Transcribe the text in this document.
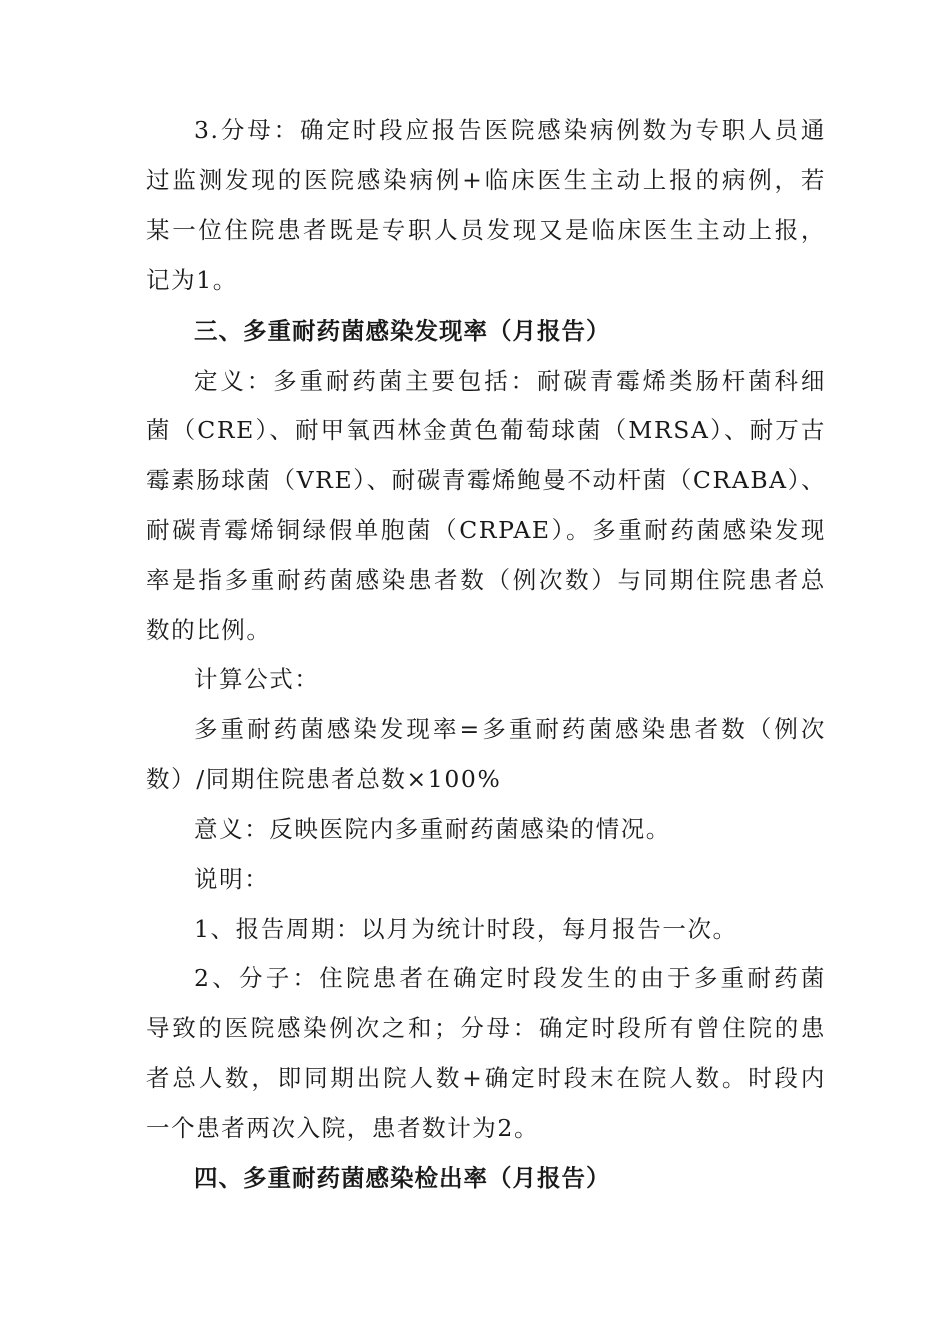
3.分母：确定时段应报告医院感染病例数为专职人员通
过监测发现的医院感染病例+临床医生主动上报的病例，若
某一位住院患者既是专职人员发现又是临床医生主动上报，
记为1。
三、多重耐药菌感染发现率（月报告）
定义：多重耐药菌主要包括：耐碳青霉烯类肠杆菌科细
菌（CRE）、耐甲氧西林金黄色葡萄球菌（MRSA）、耐万古
霉素肠球菌（VRE）、耐碳青霉烯鲍曼不动杆菌（CRABA）、
耐碳青霉烯铜绿假单胞菌（CRPAE）。多重耐药菌感染发现
率是指多重耐药菌感染患者数（例次数）与同期住院患者总
数的比例。
计算公式：
多重耐药菌感染发现率=多重耐药菌感染患者数（例次
数）/同期住院患者总数×100%
意义：反映医院内多重耐药菌感染的情况。
说明：
1、报告周期：以月为统计时段，每月报告一次。
2、分子：住院患者在确定时段发生的由于多重耐药菌
导致的医院感染例次之和；分母：确定时段所有曾住院的患
者总人数，即同期出院人数+确定时段末在院人数。时段内
一个患者两次入院，患者数计为2。
四、多重耐药菌感染检出率（月报告）
